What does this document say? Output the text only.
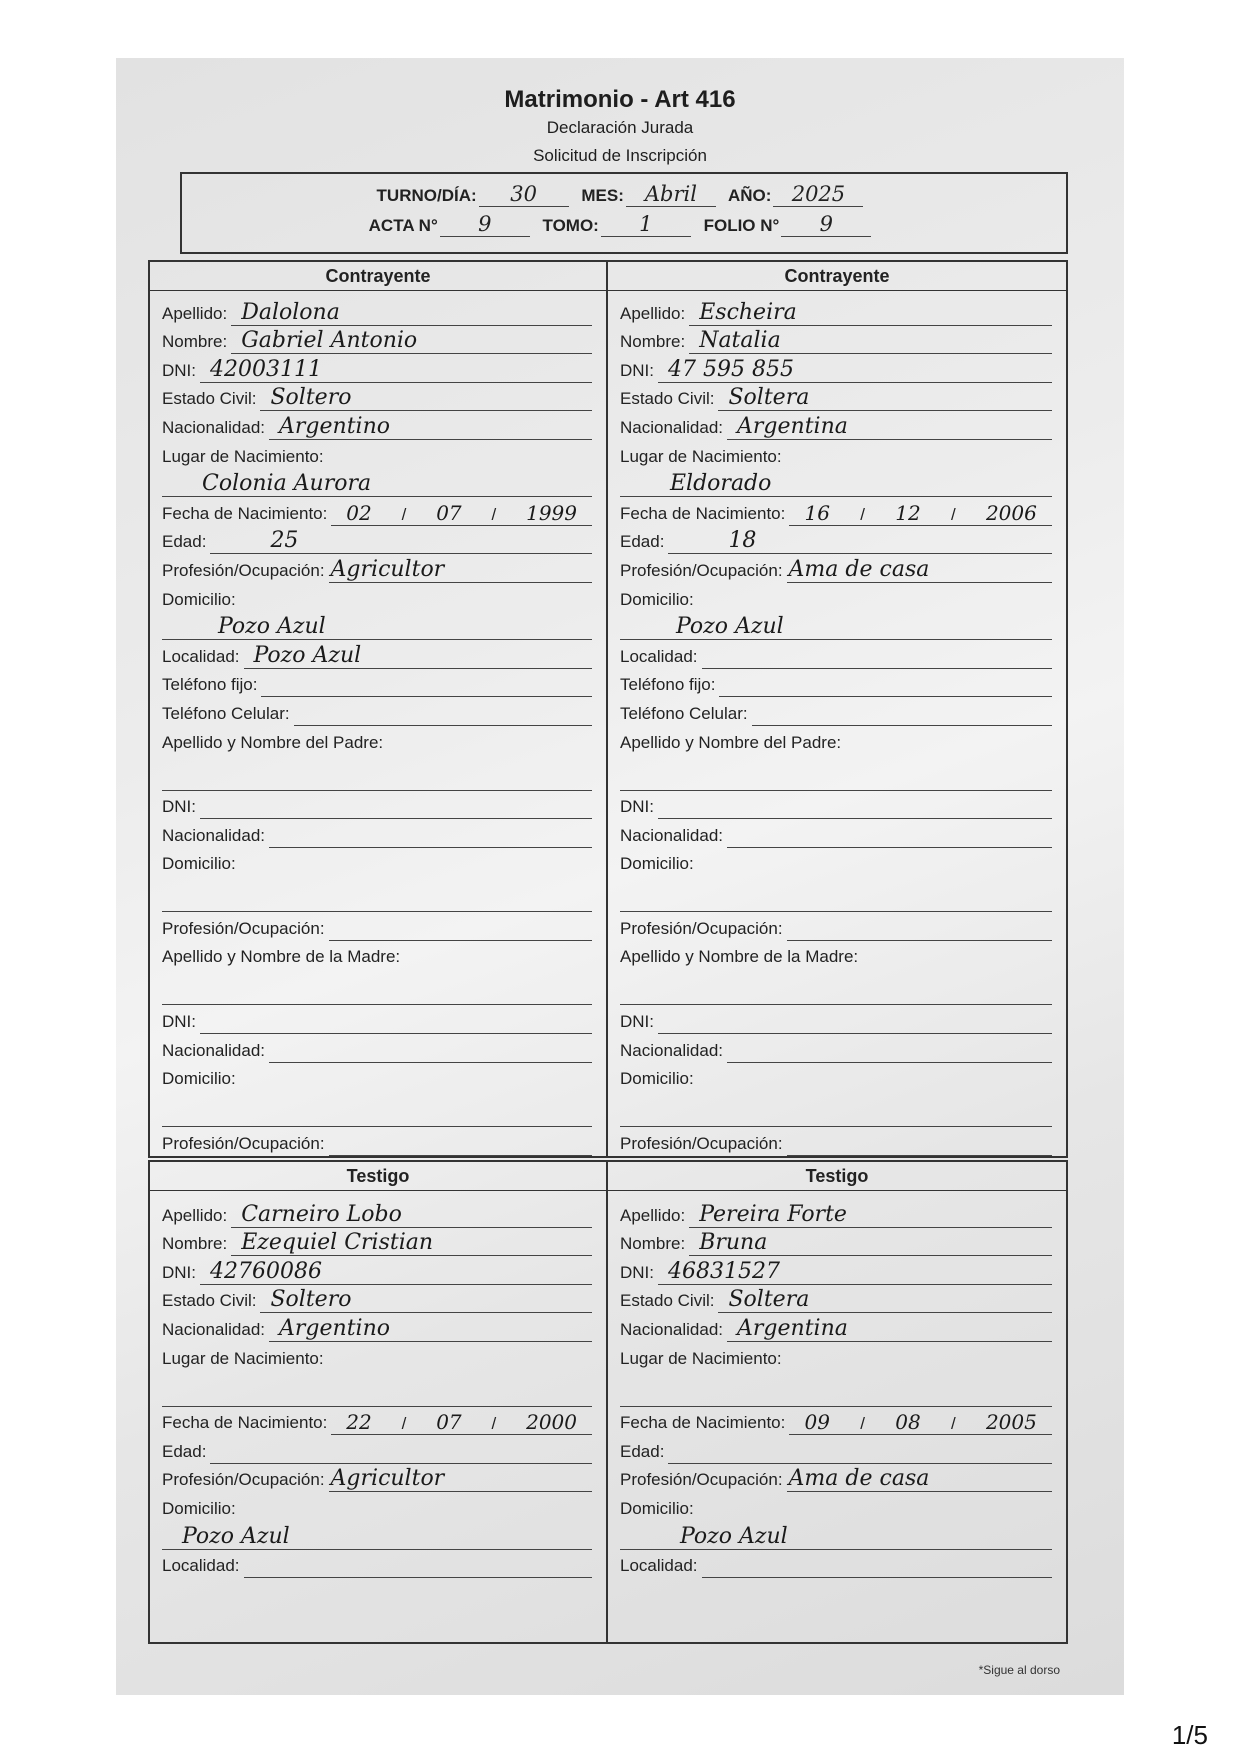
Matrimonio - Art 416
Declaración Jurada
Solicitud de Inscripción
TURNO/DÍA: 30	MES: Abril AÑO: 2025
ACTA N° 9	TOMO: 1	FOLIO N° 9
Contrayente
Apellido: Dalolona
Nombre: Gabriel Antonio
DNI: 42003111
Estado Civil: Soltero
Nacionalidad: Argentino
Lugar de Nacimiento:
Colonia Aurora
Fecha de Nacimiento: 02 / 07 / 1999
Edad:	25
Profesión/Ocupación: Agricultor
Domicilio:
Pozo Azul
Localidad: Pozo Azul
Teléfono fijo:
Teléfono Celular:
Apellido y Nombre del Padre:
DNI:
Nacionalidad:
Domicilio:
Profesión/Ocupación:
Apellido y Nombre de la Madre:
DNI:
Nacionalidad:
Domicilio:
Profesión/Ocupación:
Contrayente
Apellido: Escheira
Nombre: Natalia
DNI: 47 595 855
Estado Civil: Soltera
Nacionalidad: Argentina
Lugar de Nacimiento:
Eldorado
Fecha de Nacimiento: 16 / 12 / 2006
Edad:	18
Profesión/Ocupación: Ama de casa
Domicilio:
Pozo Azul
Localidad:
Teléfono fijo:
Teléfono Celular:
Apellido y Nombre del Padre:
DNI:
Nacionalidad:
Domicilio:
Profesión/Ocupación:
Apellido y Nombre de la Madre:
DNI:
Nacionalidad:
Domicilio:
Profesión/Ocupación:
Testigo
Apellido: Carneiro Lobo
Nombre: Ezequiel Cristian
DNI: 42760086
Estado Civil: Soltero
Nacionalidad: Argentino
Lugar de Nacimiento:
Fecha de Nacimiento: 22 / 07 / 2000
Edad:
Profesión/Ocupación: Agricultor
Domicilio:
Pozo Azul
Localidad:
Testigo
Apellido: Pereira Forte
Nombre: Bruna
DNI: 46831527
Estado Civil: Soltera
Nacionalidad: Argentina
Lugar de Nacimiento:
Fecha de Nacimiento: 09 / 08 / 2005
Edad:
Profesión/Ocupación: Ama de casa
Domicilio:
Pozo Azul
Localidad:
*Sigue al dorso
1/5
